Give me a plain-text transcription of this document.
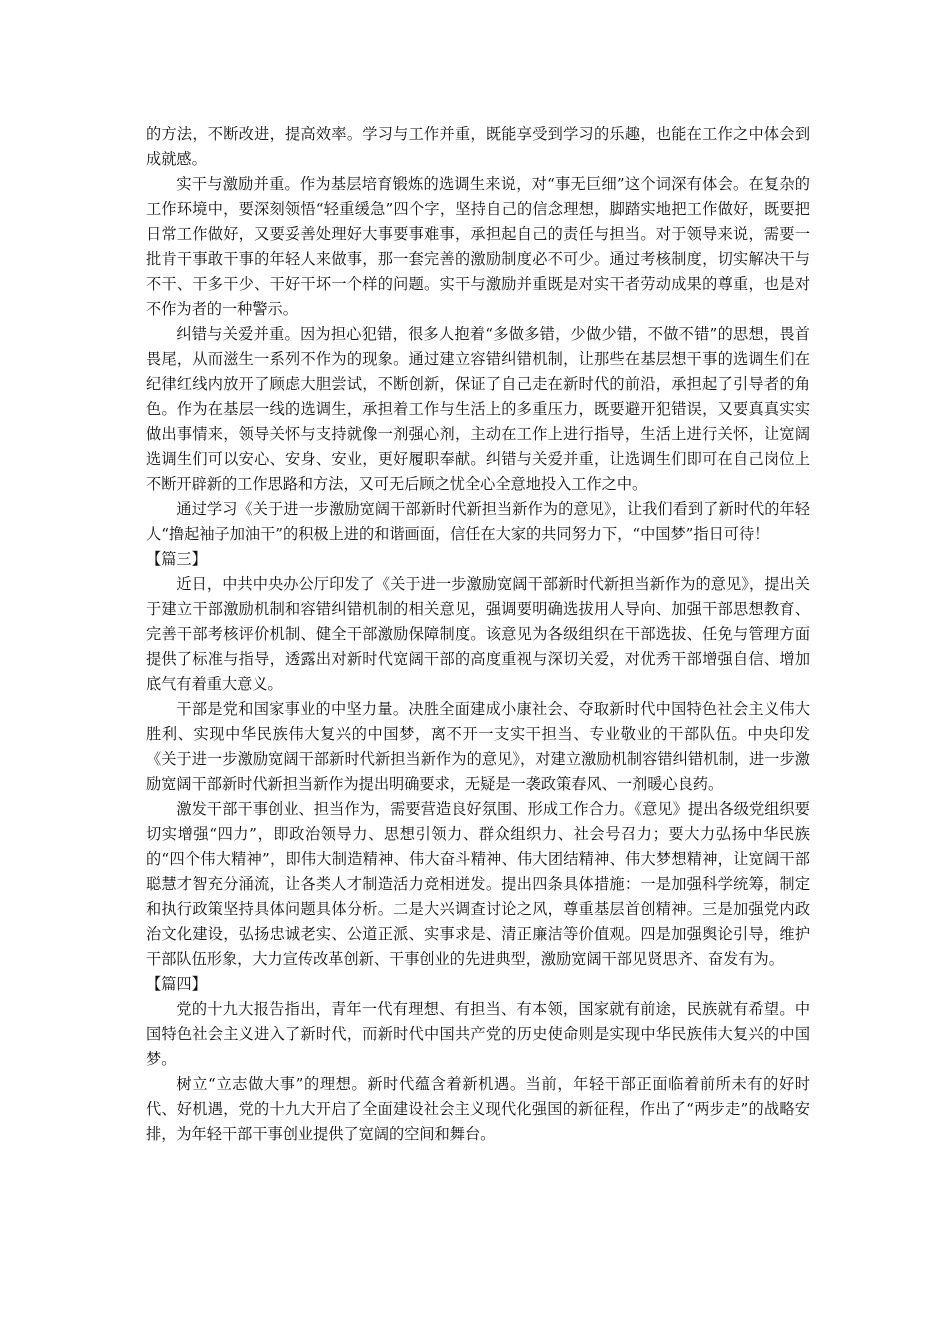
的方法，不断改进，提高效率。学习与工作并重，既能享受到学习的乐趣，也能在工作之中体会到成就感。

实干与激励并重。作为基层培育锻炼的选调生来说，对“事无巨细”这个词深有体会。在复杂的工作环境中，要深刻领悟“轻重缓急”四个字，坚持自己的信念理想，脚踏实地把工作做好，既要把日常工作做好，又要妥善处理好大事要事难事，承担起自己的责任与担当。对于领导来说，需要一批肯干事敢干事的年轻人来做事，那一套完善的激励制度必不可少。通过考核制度，切实解决干与不干、干多干少、干好干坏一个样的问题。实干与激励并重既是对实干者劳动成果的尊重，也是对不作为者的一种警示。

纠错与关爱并重。因为担心犯错，很多人抱着“多做多错，少做少错，不做不错”的思想，畏首畏尾，从而滋生一系列不作为的现象。通过建立容错纠错机制，让那些在基层想干事的选调生们在纪律红线内放开了顾虑大胆尝试，不断创新，保证了自己走在新时代的前沿，承担起了引导者的角色。作为在基层一线的选调生，承担着工作与生活上的多重压力，既要避开犯错误，又要真真实实做出事情来，领导关怀与支持就像一剂强心剂，主动在工作上进行指导，生活上进行关怀，让宽阔选调生们可以安心、安身、安业，更好履职奉献。纠错与关爱并重，让选调生们即可在自己岗位上不断开辟新的工作思路和方法，又可无后顾之忧全心全意地投入工作之中。

通过学习《关于进一步激励宽阔干部新时代新担当新作为的意见》，让我们看到了新时代的年轻人“撸起袖子加油干”的积极上进的和谐画面，信任在大家的共同努力下，“中国梦”指日可待！

【篇三】

近日，中共中央办公厅印发了《关于进一步激励宽阔干部新时代新担当新作为的意见》，提出关于建立干部激励机制和容错纠错机制的相关意见，强调要明确选拔用人导向、加强干部思想教育、完善干部考核评价机制、健全干部激励保障制度。该意见为各级组织在干部选拔、任免与管理方面提供了标准与指导，透露出对新时代宽阔干部的高度重视与深切关爱，对优秀干部增强自信、增加底气有着重大意义。

干部是党和国家事业的中坚力量。决胜全面建成小康社会、夺取新时代中国特色社会主义伟大胜利、实现中华民族伟大复兴的中国梦，离不开一支实干担当、专业敬业的干部队伍。中央印发《关于进一步激励宽阔干部新时代新担当新作为的意见》，对建立激励机制容错纠错机制，进一步激励宽阔干部新时代新担当新作为提出明确要求，无疑是一袭政策春风、一剂暖心良药。

激发干部干事创业、担当作为，需要营造良好氛围、形成工作合力。《意见》提出各级党组织要切实增强“四力”，即政治领导力、思想引领力、群众组织力、社会号召力；要大力弘扬中华民族的“四个伟大精神”，即伟大制造精神、伟大奋斗精神、伟大团结精神、伟大梦想精神，让宽阔干部聪慧才智充分涌流，让各类人才制造活力竞相迸发。提出四条具体措施：一是加强科学统筹，制定和执行政策坚持具体问题具体分析。二是大兴调查讨论之风，尊重基层首创精神。三是加强党内政治文化建设，弘扬忠诚老实、公道正派、实事求是、清正廉洁等价值观。四是加强舆论引导，维护干部队伍形象，大力宣传改革创新、干事创业的先进典型，激励宽阔干部见贤思齐、奋发有为。

【篇四】

党的十九大报告指出，青年一代有理想、有担当、有本领，国家就有前途，民族就有希望。中国特色社会主义进入了新时代，而新时代中国共产党的历史使命则是实现中华民族伟大复兴的中国梦。

树立“立志做大事”的理想。新时代蕴含着新机遇。当前，年轻干部正面临着前所未有的好时代、好机遇，党的十九大开启了全面建设社会主义现代化强国的新征程，作出了“两步走”的战略安排，为年轻干部干事创业提供了宽阔的空间和舞台。
